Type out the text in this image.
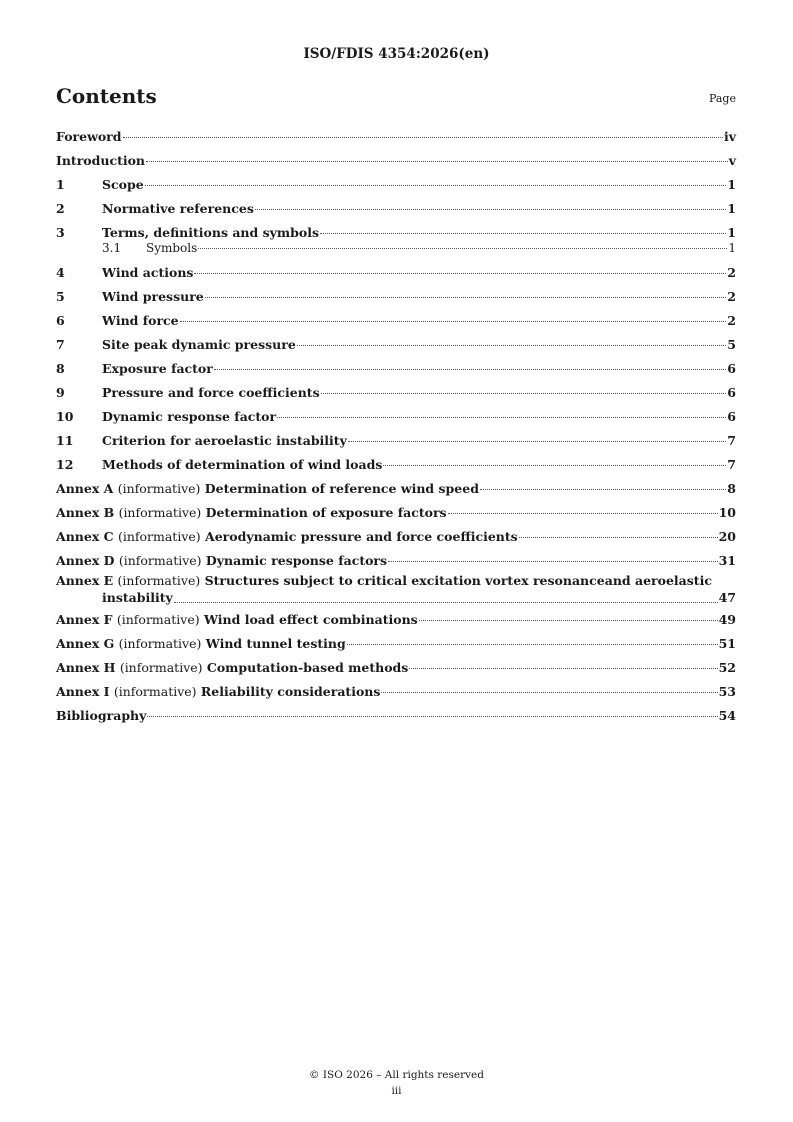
ISO/FDIS 4354:2026(en)
Contents	Page
Foreword	iv
Introduction	v
1	Scope	1
2	Normative references	1
3	Terms, definitions and symbols	1
3.1	Symbols	1
4	Wind actions	2
5	Wind pressure	2
6	Wind force	2
7	Site peak dynamic pressure	5
8	Exposure factor	6
9	Pressure and force coefficients	6
10	Dynamic response factor	6
11	Criterion for aeroelastic instability	7
12	Methods of determination of wind loads	7
Annex A (informative) Determination of reference wind speed	8
Annex B (informative) Determination of exposure factors	10
Annex C (informative) Aerodynamic pressure and force coefficients	20
Annex D (informative) Dynamic response factors	31
Annex E (informative) Structures subject to critical excitation vortex resonanceand aeroelastic
instability	47
Annex F (informative) Wind load effect combinations	49
Annex G (informative) Wind tunnel testing	51
Annex H (informative) Computation-based methods	52
Annex I (informative) Reliability considerations	53
Bibliography	54
© ISO 2026 – All rights reserved
iii
